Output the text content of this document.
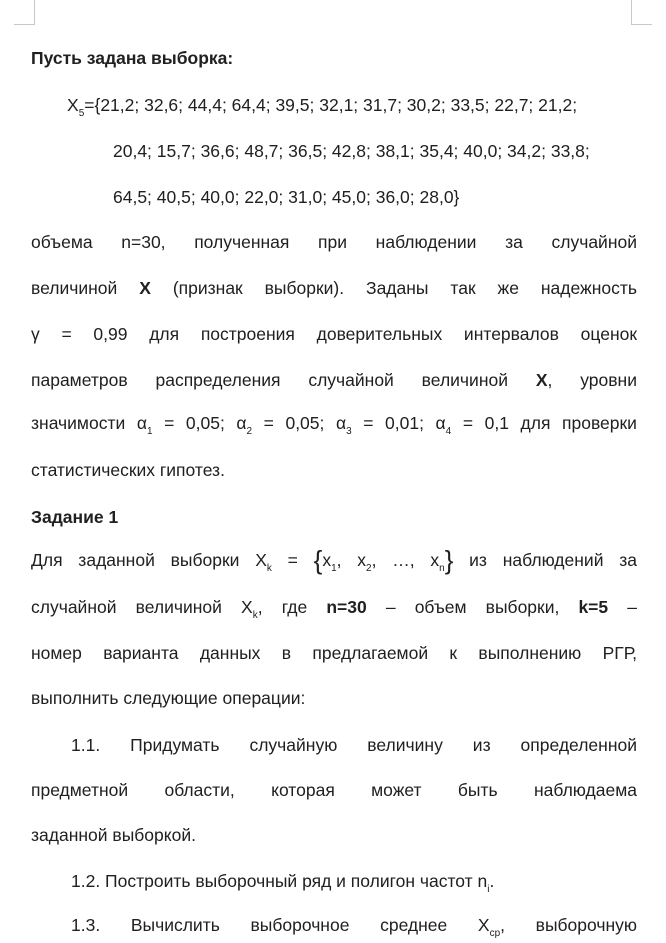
Пусть задана выборка:
$X_5=\{21,2$; 32,6; 44,4; 64,4; 39,5; 32,1; 31,7; 30,2; 33,5; 22,7; 21,2;
20,4; 15,7; 36,6; 48,7; 36,5; 42,8; 38,1; 35,4; 40,0; 34,2; 33,8;
64,5; 40,5; 40,0; 22,0; 31,0; 45,0; 36,0; 28,0}
объема n=30, полученная при наблюдении за случайной
величиной X (признак выборки). Заданы так же надежность
γ = 0,99 для построения доверительных интервалов оценок
параметров распределения случайной величиной X, уровни
значимости $\alpha_1 = 0,05$; $\alpha_2 = 0,05$; $\alpha_3 = 0,01$; $\alpha_4 = 0,1$ для проверки
статистических гипотез.
Задание 1
Для заданной выборки $X_k = \{x_1$, $x_2$, …, $x_n$} из наблюдений за
случайной величиной $X_k$, где n=30 – объем выборки, k=5 –
номер варианта данных в предлагаемой к выполнению РГР,
выполнить следующие операции:
1.1. Придумать случайную величину из определенной
предметной области, которая может быть наблюдаема
заданной выборкой.
1.2. Построить выборочный ряд и полигон частот $n_i$.
1.3. Вычислить выборочное среднее $X_{ср}$, выборочную
